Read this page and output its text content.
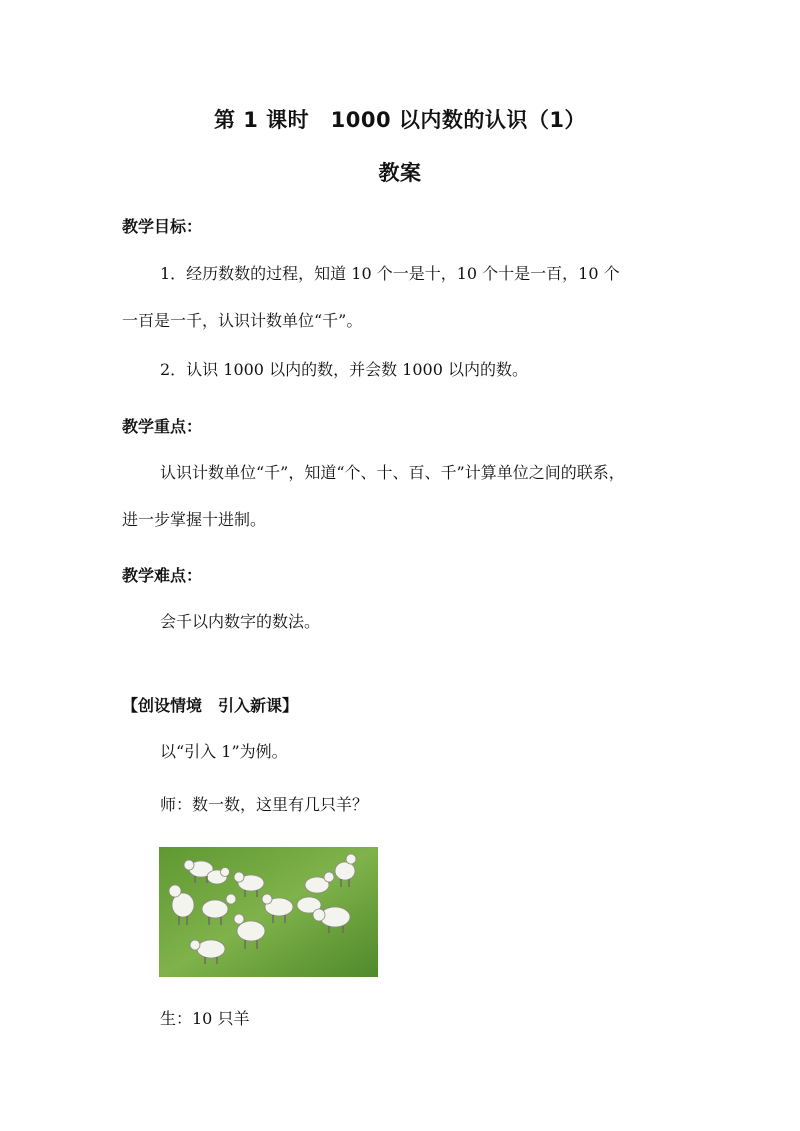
第 1 课时　1000 以内数的认识（1）
教案
教学目标：
1．经历数数的过程，知道 10 个一是十，10 个十是一百，10 个
一百是一千，认识计数单位“千”。
2．认识 1000 以内的数，并会数 1000 以内的数。
教学重点：
认识计数单位“千”，知道“个、十、百、千”计算单位之间的联系，
进一步掌握十进制。
教学难点：
会千以内数字的数法。
【创设情境　引入新课】
以“引入 1”为例。
师：数一数，这里有几只羊？
生：10 只羊
